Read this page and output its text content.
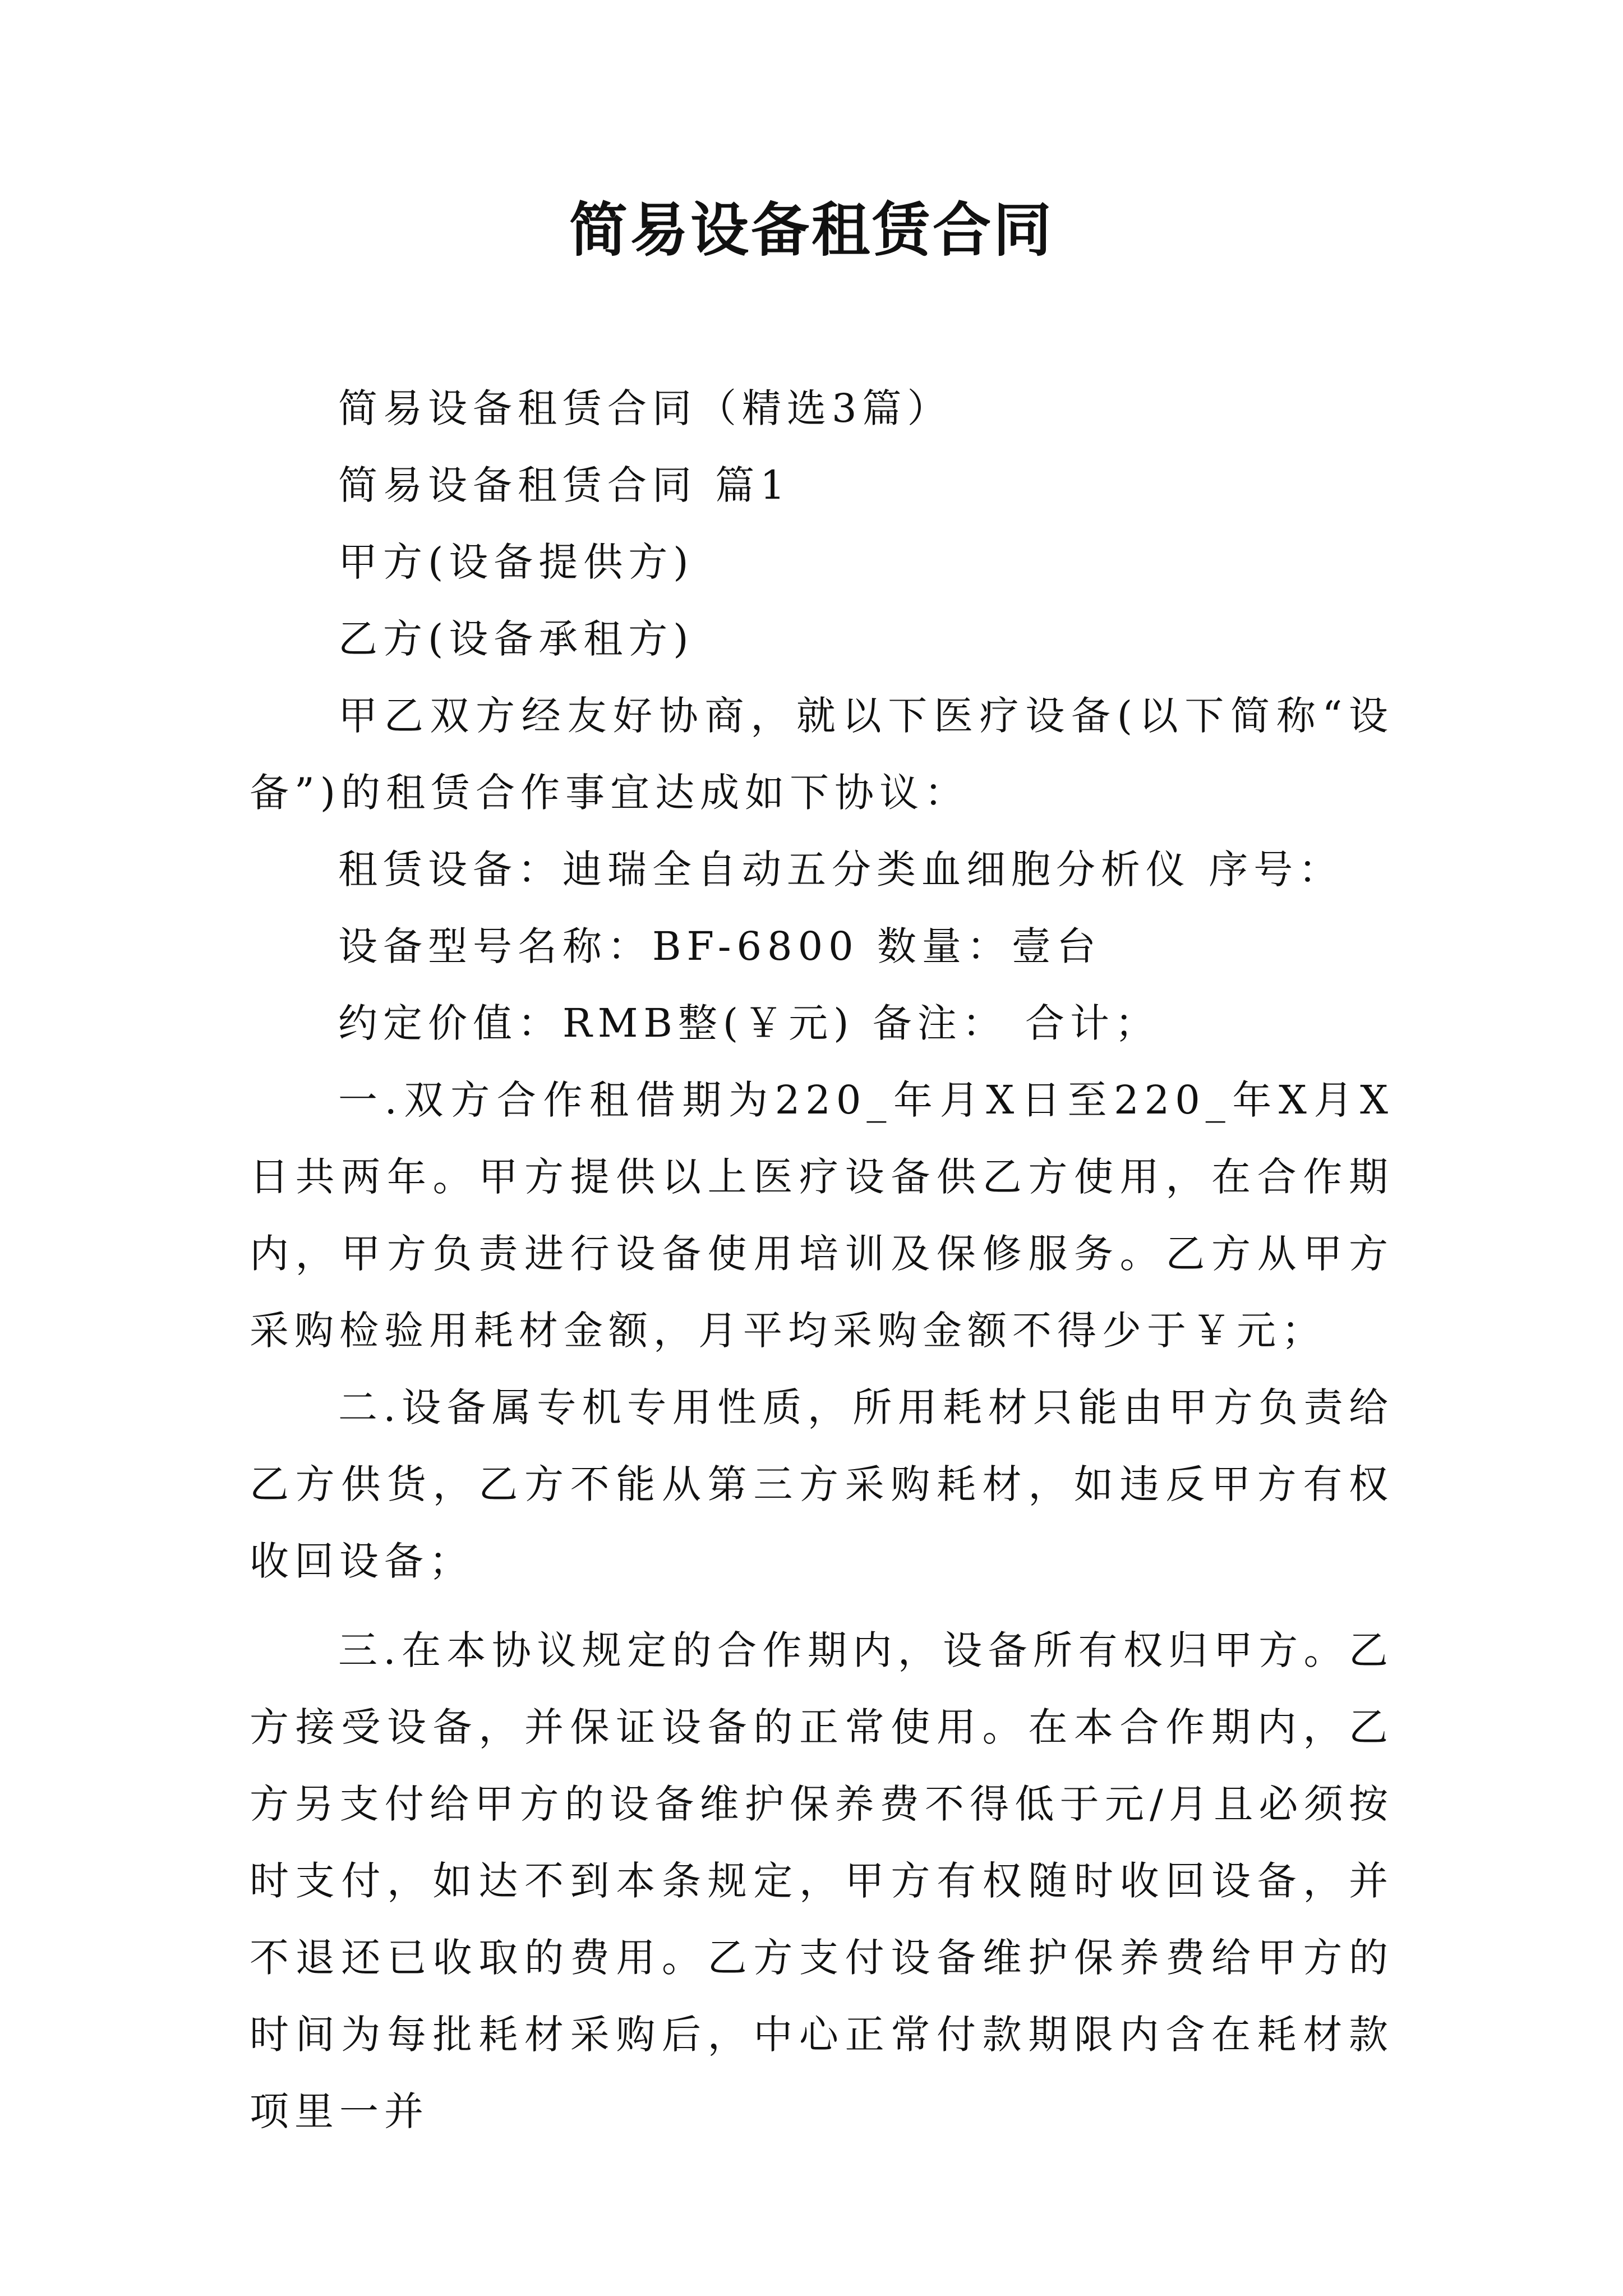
简易设备租赁合同

简易设备租赁合同（精选3篇）

简易设备租赁合同 篇1

甲方(设备提供方)

乙方(设备承租方)

甲乙双方经友好协商，就以下医疗设备(以下简称“设备”)的租赁合作事宜达成如下协议：

租赁设备：迪瑞全自动五分类血细胞分析仪 序号：

设备型号名称：BF-6800 数量：壹台

约定价值：RMB整(￥元) 备注： 合计；

一.双方合作租借期为220_年月X日至220_年X月X日共两年。甲方提供以上医疗设备供乙方使用，在合作期内，甲方负责进行设备使用培训及保修服务。乙方从甲方采购检验用耗材金额，月平均采购金额不得少于￥元；

二.设备属专机专用性质，所用耗材只能由甲方负责给乙方供货，乙方不能从第三方采购耗材，如违反甲方有权收回设备；

三.在本协议规定的合作期内，设备所有权归甲方。乙方接受设备，并保证设备的正常使用。在本合作期内，乙方另支付给甲方的设备维护保养费不得低于元/月且必须按时支付，如达不到本条规定，甲方有权随时收回设备，并不退还已收取的费用。乙方支付设备维护保养费给甲方的时间为每批耗材采购后，中心正常付款期限内含在耗材款项里一并
